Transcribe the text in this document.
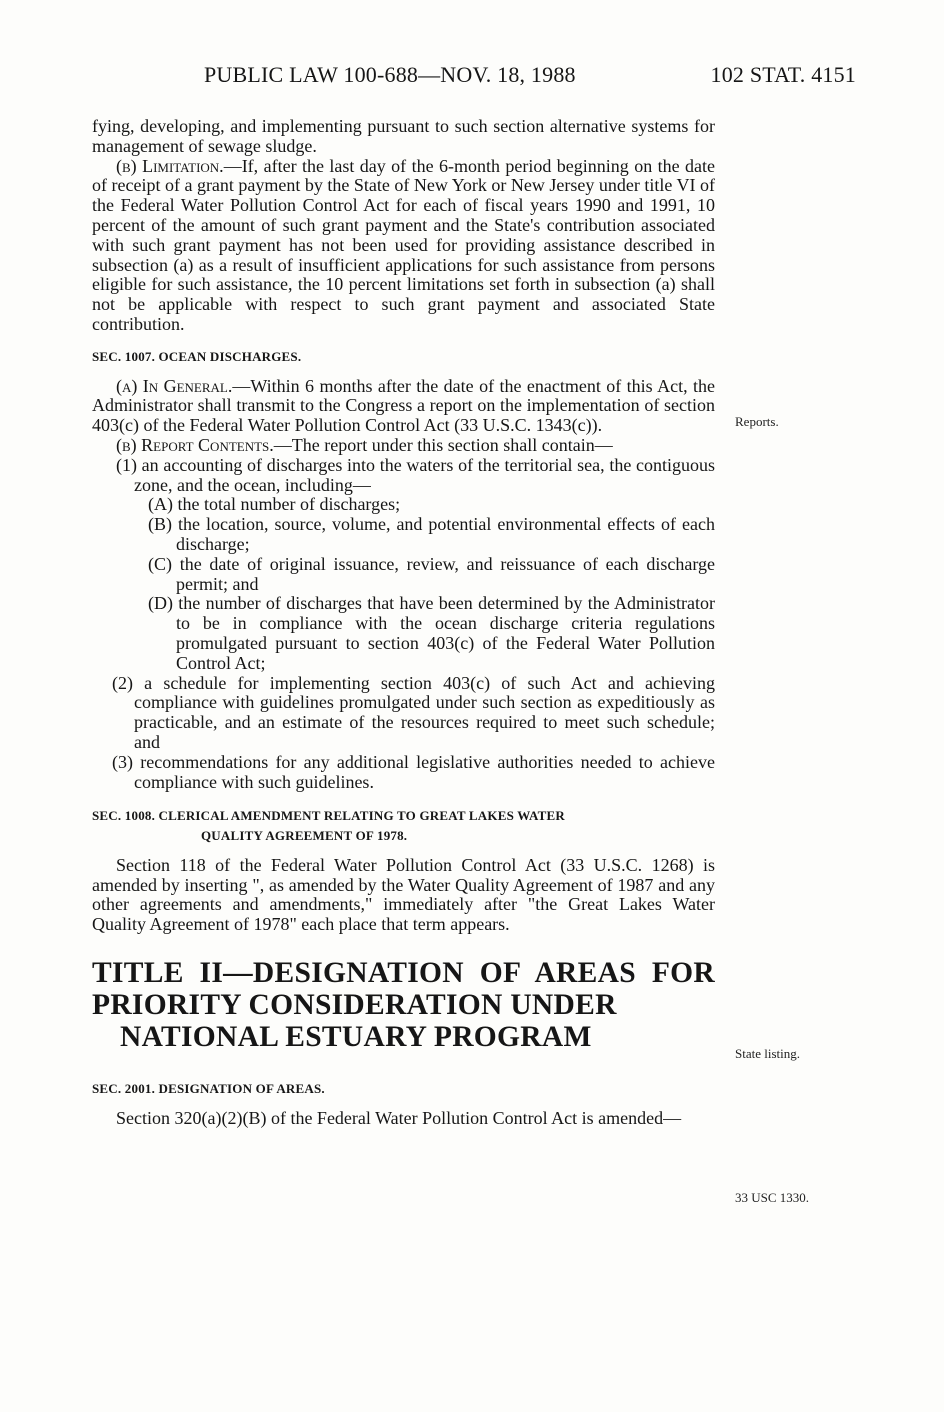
PUBLIC LAW 100-688—NOV. 18, 1988	102 STAT. 4151

fying, developing, and implementing pursuant to such section alternative systems for management of sewage sludge.

(b) Limitation.—If, after the last day of the 6-month period beginning on the date of receipt of a grant payment by the State of New York or New Jersey under title VI of the Federal Water Pollution Control Act for each of fiscal years 1990 and 1991, 10 percent of the amount of such grant payment and the State's contribution associated with such grant payment has not been used for providing assistance described in subsection (a) as a result of insufficient applications for such assistance from persons eligible for such assistance, the 10 percent limitations set forth in subsection (a) shall not be applicable with respect to such grant payment and associated State contribution.

SEC. 1007. OCEAN DISCHARGES.

(a) In General.—Within 6 months after the date of the enactment of this Act, the Administrator shall transmit to the Congress a report on the implementation of section 403(c) of the Federal Water Pollution Control Act (33 U.S.C. 1343(c)).

(b) Report Contents.—The report under this section shall contain—

(1) an accounting of discharges into the waters of the territorial sea, the contiguous zone, and the ocean, including—

(A) the total number of discharges;

(B) the location, source, volume, and potential environmental effects of each discharge;

(C) the date of original issuance, review, and reissuance of each discharge permit; and

(D) the number of discharges that have been determined by the Administrator to be in compliance with the ocean discharge criteria regulations promulgated pursuant to section 403(c) of the Federal Water Pollution Control Act;

(2) a schedule for implementing section 403(c) of such Act and achieving compliance with guidelines promulgated under such section as expeditiously as practicable, and an estimate of the resources required to meet such schedule; and

(3) recommendations for any additional legislative authorities needed to achieve compliance with such guidelines.

SEC. 1008. CLERICAL AMENDMENT RELATING TO GREAT LAKES WATER

QUALITY AGREEMENT OF 1978.

Section 118 of the Federal Water Pollution Control Act (33 U.S.C. 1268) is amended by inserting ", as amended by the Water Quality Agreement of 1987 and any other agreements and amendments," immediately after "the Great Lakes Water Quality Agreement of 1978" each place that term appears.

TITLE II—DESIGNATION OF AREAS FOR PRIORITY CONSIDERATION UNDER

NATIONAL ESTUARY PROGRAM

SEC. 2001. DESIGNATION OF AREAS.

Section 320(a)(2)(B) of the Federal Water Pollution Control Act is amended—

Reports.
State listing.
33 USC 1330.
